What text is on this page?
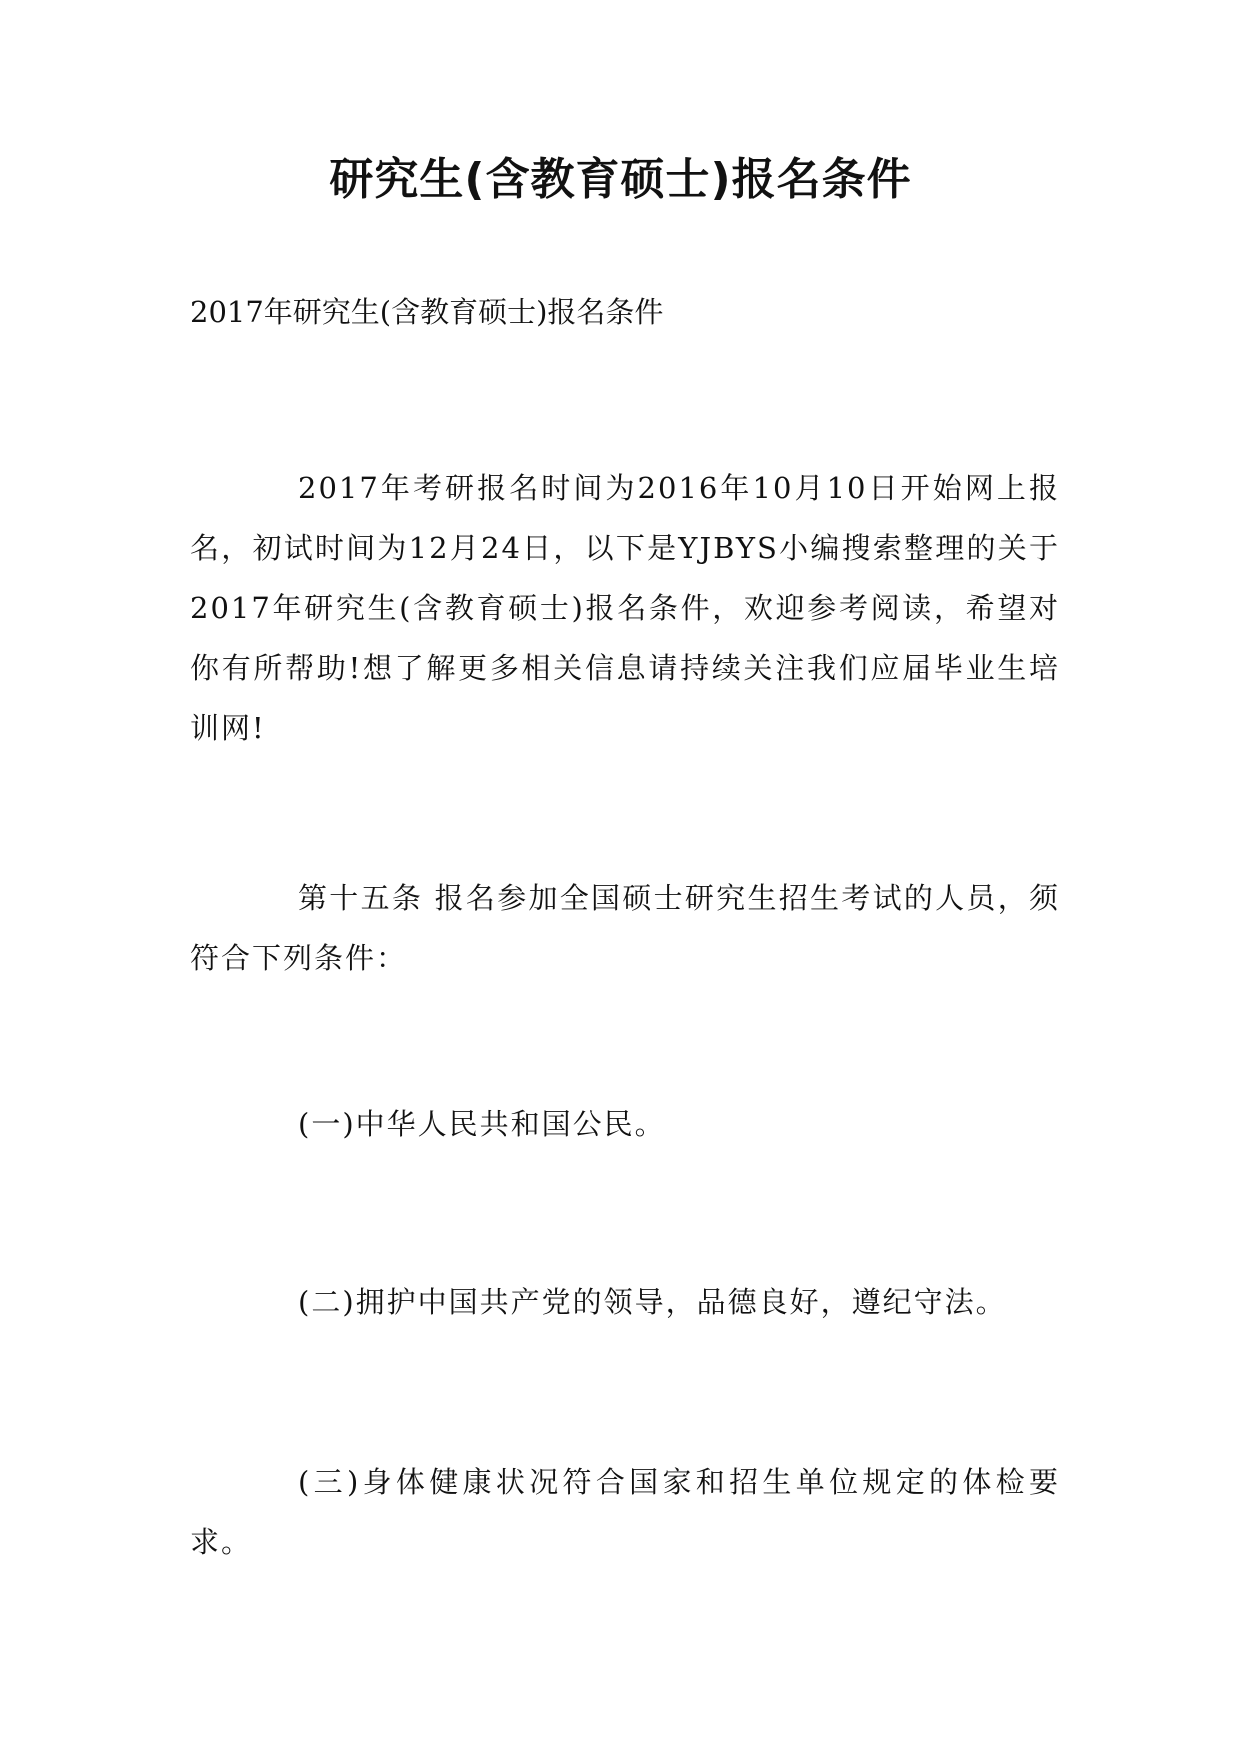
研究生(含教育硕士)报名条件
2017年研究生(含教育硕士)报名条件
2017年考研报名时间为2016年10月10日开始网上报名，初试时间为12月24日，以下是YJBYS小编搜索整理的关于2017年研究生(含教育硕士)报名条件，欢迎参考阅读，希望对你有所帮助!想了解更多相关信息请持续关注我们应届毕业生培训网!
第十五条 报名参加全国硕士研究生招生考试的人员，须符合下列条件：
(一)中华人民共和国公民。
(二)拥护中国共产党的领导，品德良好，遵纪守法。
(三)身体健康状况符合国家和招生单位规定的体检要求。
